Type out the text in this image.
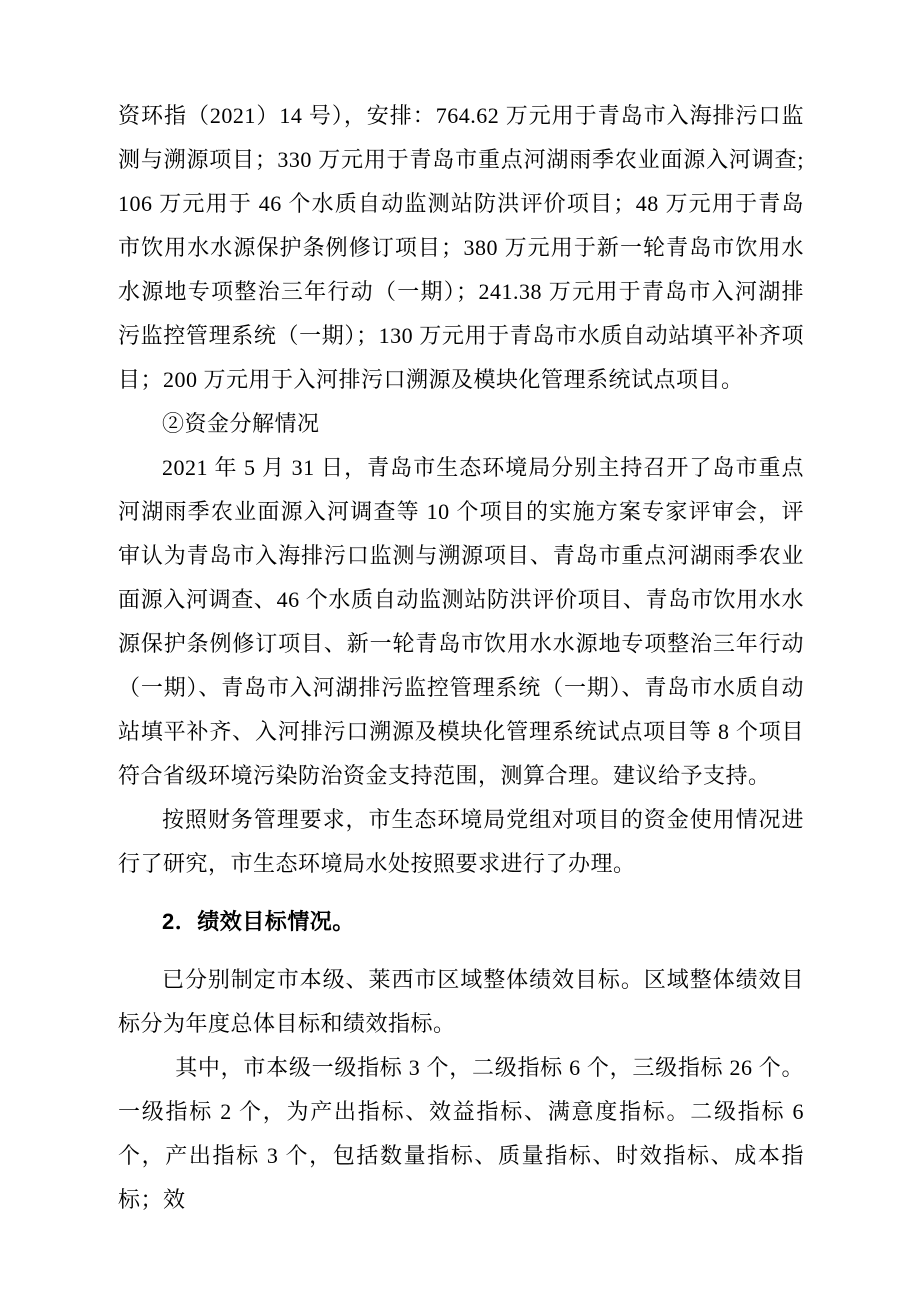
资环指（2021）14 号），安排：764.62 万元用于青岛市入海排污口监测与溯源项目；330 万元用于青岛市重点河湖雨季农业面源入河调查; 106 万元用于 46 个水质自动监测站防洪评价项目；48 万元用于青岛市饮用水水源保护条例修订项目；380 万元用于新一轮青岛市饮用水水源地专项整治三年行动（一期）；241.38 万元用于青岛市入河湖排污监控管理系统（一期）；130 万元用于青岛市水质自动站填平补齐项目；200 万元用于入河排污口溯源及模块化管理系统试点项目。

②资金分解情况

2021 年 5 月 31 日，青岛市生态环境局分别主持召开了岛市重点河湖雨季农业面源入河调查等 10 个项目的实施方案专家评审会，评审认为青岛市入海排污口监测与溯源项目、青岛市重点河湖雨季农业面源入河调查、46 个水质自动监测站防洪评价项目、青岛市饮用水水源保护条例修订项目、新一轮青岛市饮用水水源地专项整治三年行动（一期）、青岛市入河湖排污监控管理系统（一期）、青岛市水质自动站填平补齐、入河排污口溯源及模块化管理系统试点项目等 8 个项目符合省级环境污染防治资金支持范围，测算合理。建议给予支持。

按照财务管理要求，市生态环境局党组对项目的资金使用情况进行了研究，市生态环境局水处按照要求进行了办理。

2．绩效目标情况。

已分别制定市本级、莱西市区域整体绩效目标。区域整体绩效目标分为年度总体目标和绩效指标。

其中，市本级一级指标 3 个，二级指标 6 个，三级指标 26 个。一级指标 2 个，为产出指标、效益指标、满意度指标。二级指标 6 个，产出指标 3 个，包括数量指标、质量指标、时效指标、成本指标；效
